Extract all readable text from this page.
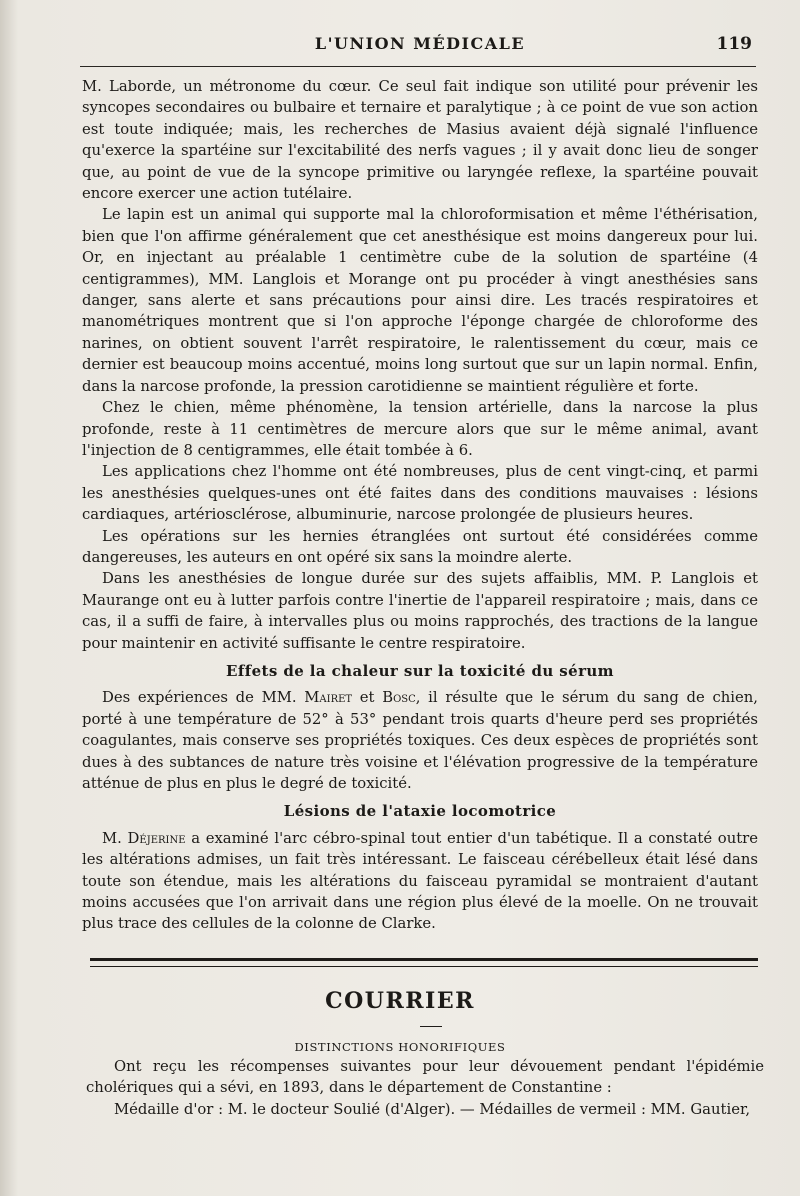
L'UNION MÉDICALE	119

M. Laborde, un métronome du cœur. Ce seul fait indique son utilité pour prévenir les syncopes secondaires ou bulbaire et ternaire et paralytique ; à ce point de vue son action est toute indiquée; mais, les recherches de Masius avaient déjà signalé l'influence qu'exerce la spartéine sur l'excitabilité des nerfs vagues ; il y avait donc lieu de songer que, au point de vue de la syncope primitive ou laryngée reflexe, la spartéine pouvait encore exercer une action tutélaire.

Le lapin est un animal qui supporte mal la chloroformisation et même l'éthérisation, bien que l'on affirme généralement que cet anesthésique est moins dangereux pour lui. Or, en injectant au préalable 1 centimètre cube de la solution de spartéine (4 centigrammes), MM. Langlois et Morange ont pu procéder à vingt anesthésies sans danger, sans alerte et sans précautions pour ainsi dire. Les tracés respiratoires et manométriques montrent que si l'on approche l'éponge chargée de chloroforme des narines, on obtient souvent l'arrêt respiratoire, le ralentissement du cœur, mais ce dernier est beaucoup moins accentué, moins long surtout que sur un lapin normal. Enfin, dans la narcose profonde, la pression carotidienne se maintient régulière et forte.

Chez le chien, même phénomène, la tension artérielle, dans la narcose la plus profonde, reste à 11 centimètres de mercure alors que sur le même animal, avant l'injection de 8 centigrammes, elle était tombée à 6.

Les applications chez l'homme ont été nombreuses, plus de cent vingt-cinq, et parmi les anesthésies quelques-unes ont été faites dans des conditions mauvaises : lésions cardiaques, artériosclérose, albuminurie, narcose prolongée de plusieurs heures.

Les opérations sur les hernies étranglées ont surtout été considérées comme dangereuses, les auteurs en ont opéré six sans la moindre alerte.

Dans les anesthésies de longue durée sur des sujets affaiblis, MM. P. Langlois et Maurange ont eu à lutter parfois contre l'inertie de l'appareil respiratoire ; mais, dans ce cas, il a suffi de faire, à intervalles plus ou moins rapprochés, des tractions de la langue pour maintenir en activité suffisante le centre respiratoire.

Effets de la chaleur sur la toxicité du sérum

Des expériences de MM. Mairet et Bosc, il résulte que le sérum du sang de chien, porté à une température de 52° à 53° pendant trois quarts d'heure perd ses propriétés coagulantes, mais conserve ses propriétés toxiques. Ces deux espèces de propriétés sont dues à des subtances de nature très voisine et l'élévation progressive de la température atténue de plus en plus le degré de toxicité.

Lésions de l'ataxie locomotrice

M. Déjerine a examiné l'arc cébro-spinal tout entier d'un tabétique. Il a constaté outre les altérations admises, un fait très intéressant. Le faisceau cérébelleux était lésé dans toute son étendue, mais les altérations du faisceau pyramidal se montraient d'autant moins accusées que l'on arrivait dans une région plus élevé de la moelle. On ne trouvait plus trace des cellules de la colonne de Clarke.

COURRIER
DISTINCTIONS HONORIFIQUES

Ont reçu les récompenses suivantes pour leur dévouement pendant l'épidémie cholériques qui a sévi, en 1893, dans le département de Constantine :

Médaille d'or : M. le docteur Soulié (d'Alger). — Médailles de vermeil : MM. Gautier,
